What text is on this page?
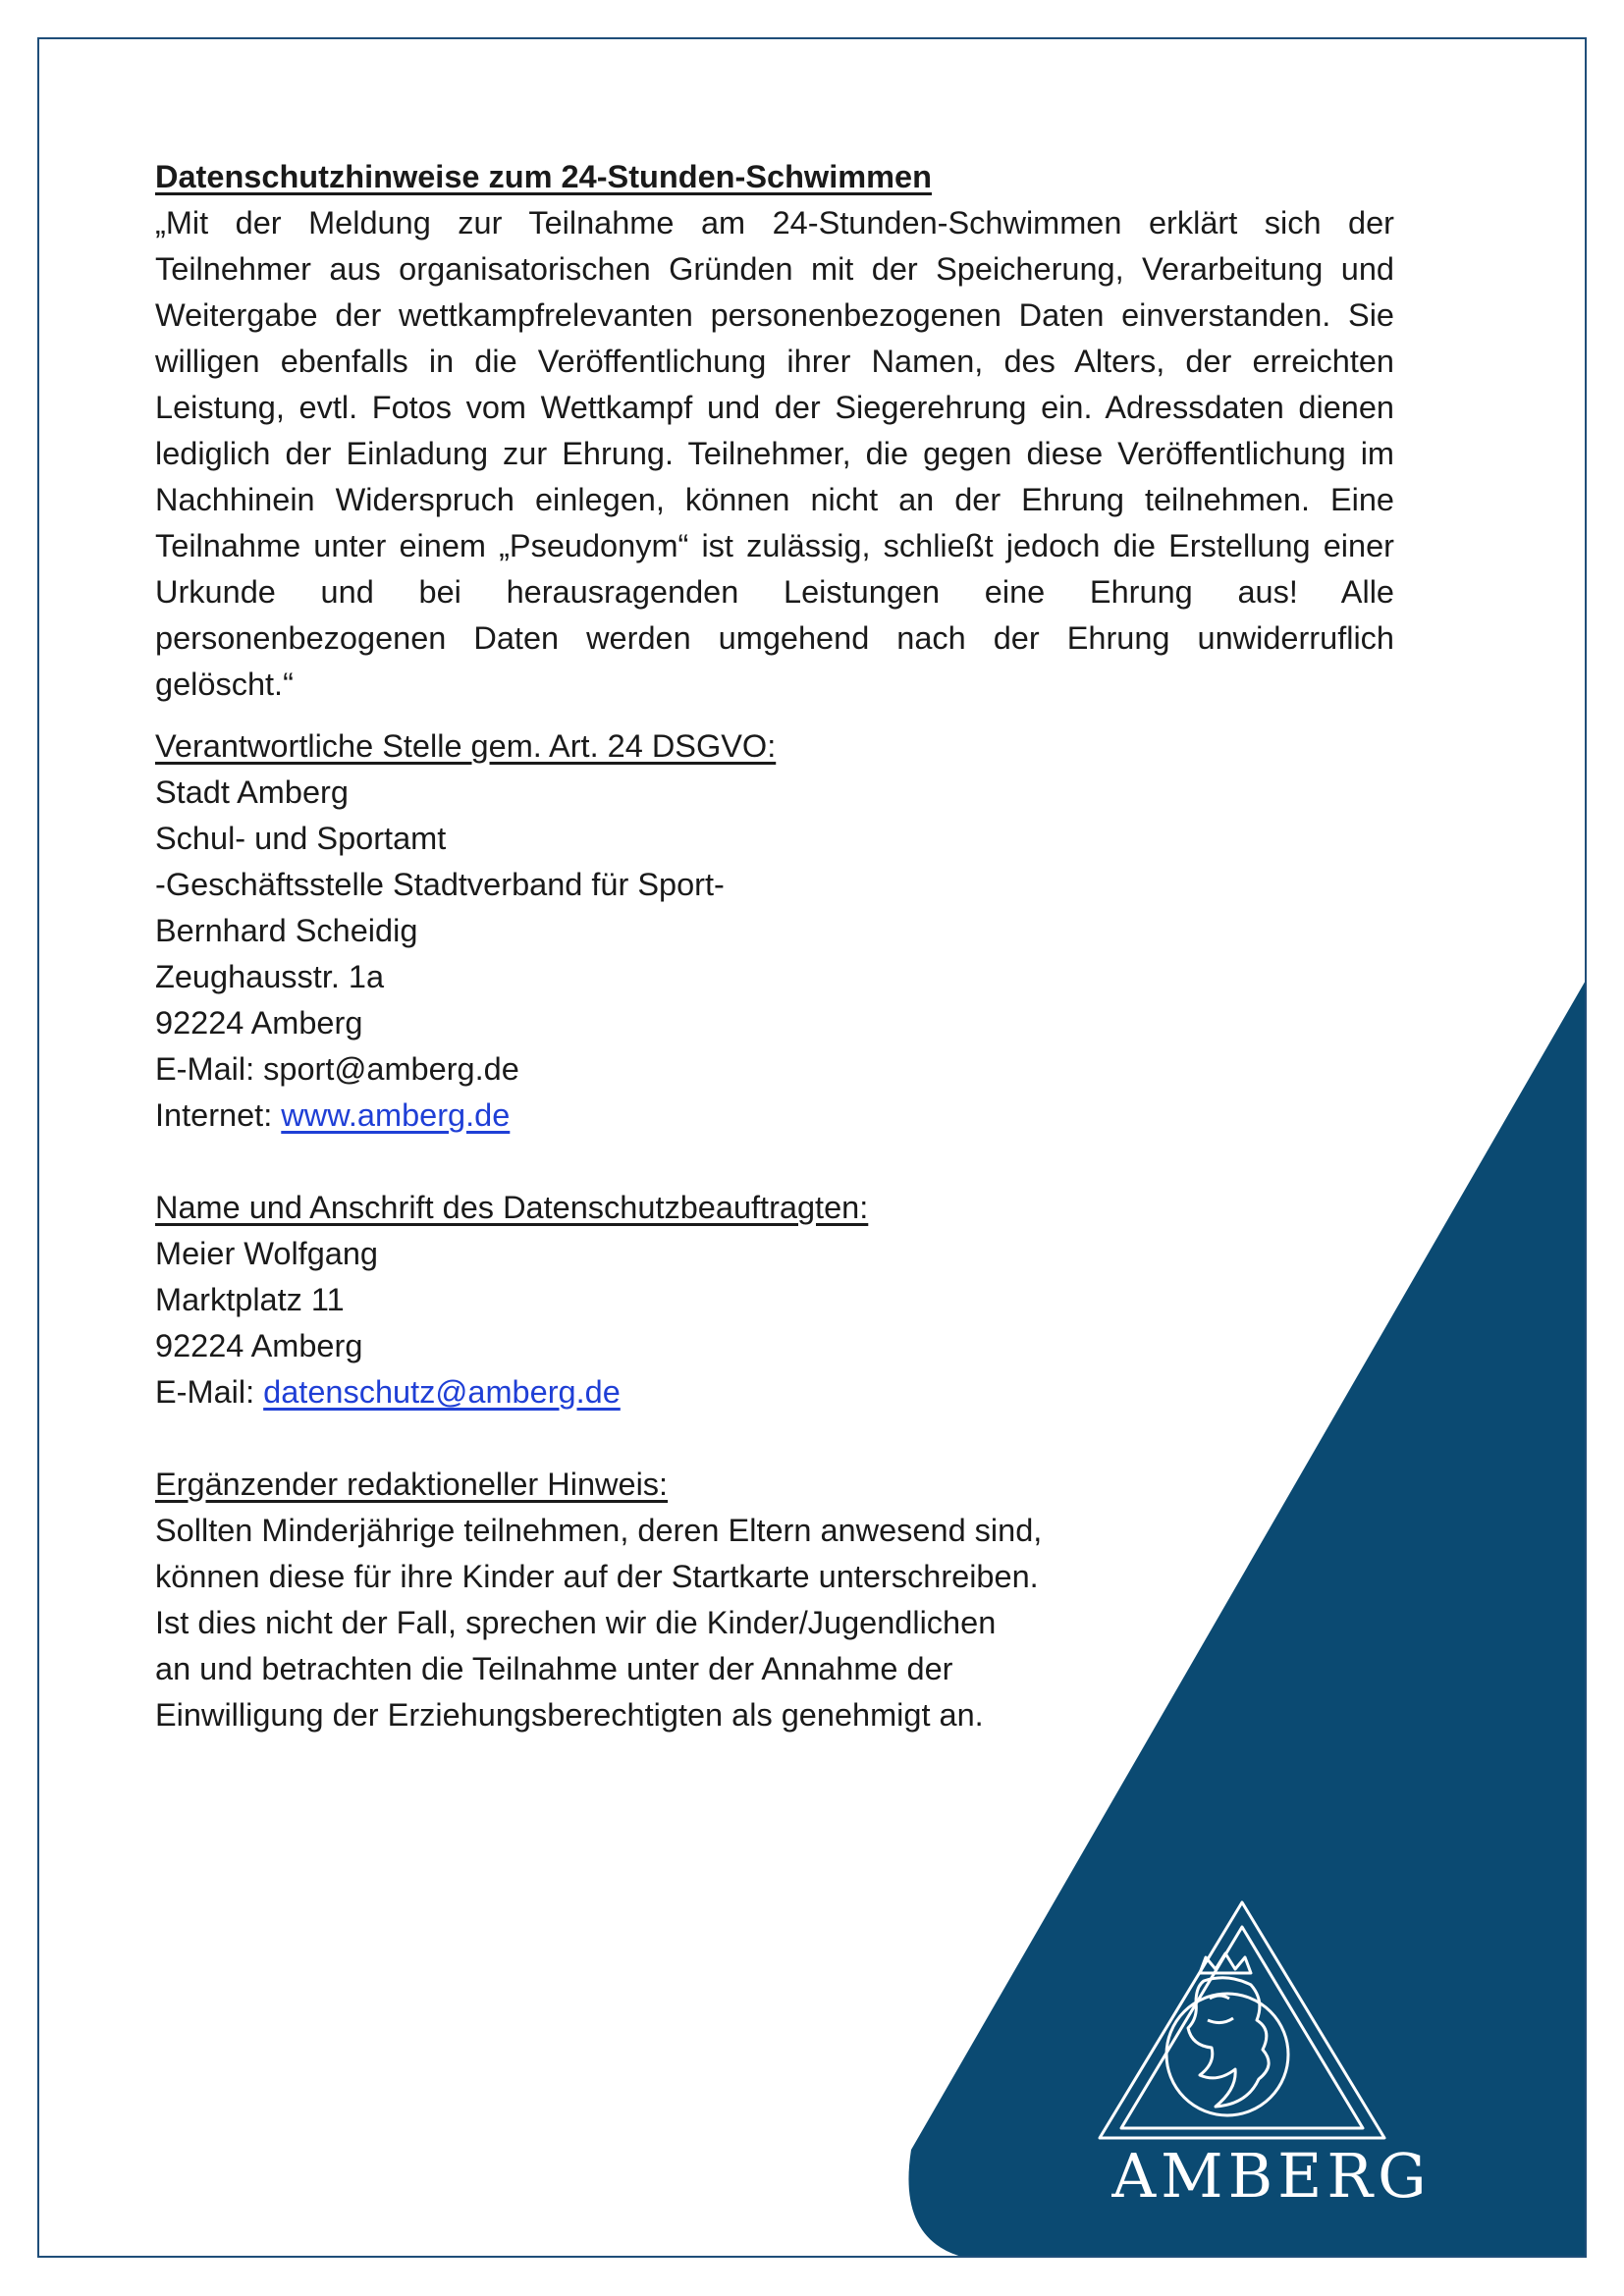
AMBERG

Datenschutzhinweise zum 24-Stunden-Schwimmen

„Mit der Meldung zur Teilnahme am 24-Stunden-Schwimmen erklärt sich der Teilnehmer aus organisatorischen Gründen mit der Speicherung, Verarbeitung und Weitergabe der wettkampfrelevanten personenbezogenen Daten einverstanden. Sie willigen ebenfalls in die Veröffentlichung ihrer Namen, des Alters, der erreichten Leistung, evtl. Fotos vom Wettkampf und der Siegerehrung ein. Adressdaten dienen lediglich der Einladung zur Ehrung. Teilnehmer, die gegen diese Veröffentlichung im Nachhinein Widerspruch einlegen, können nicht an der Ehrung teilnehmen. Eine Teilnahme unter einem „Pseudonym“ ist zulässig, schließt jedoch die Erstellung einer Urkunde und bei herausragenden Leistungen eine Ehrung aus! Alle personenbezogenen Daten werden umgehend nach der Ehrung unwiderruflich gelöscht.“

Verantwortliche Stelle gem. Art. 24 DSGVO:

Stadt Amberg
Schul- und Sportamt
-Geschäftsstelle Stadtverband für Sport-
Bernhard Scheidig
Zeughausstr. 1a
92224 Amberg
E-Mail: sport@amberg.de
Internet: www.amberg.de

Name und Anschrift des Datenschutzbeauftragten:

Meier Wolfgang
Marktplatz 11
92224 Amberg
E-Mail: datenschutz@amberg.de

Ergänzender redaktioneller Hinweis:

Sollten Minderjährige teilnehmen, deren Eltern anwesend sind,
können diese für ihre Kinder auf der Startkarte unterschreiben.
Ist dies nicht der Fall, sprechen wir die Kinder/Jugendlichen
an und betrachten die Teilnahme unter der Annahme der
Einwilligung der Erziehungsberechtigten als genehmigt an.
